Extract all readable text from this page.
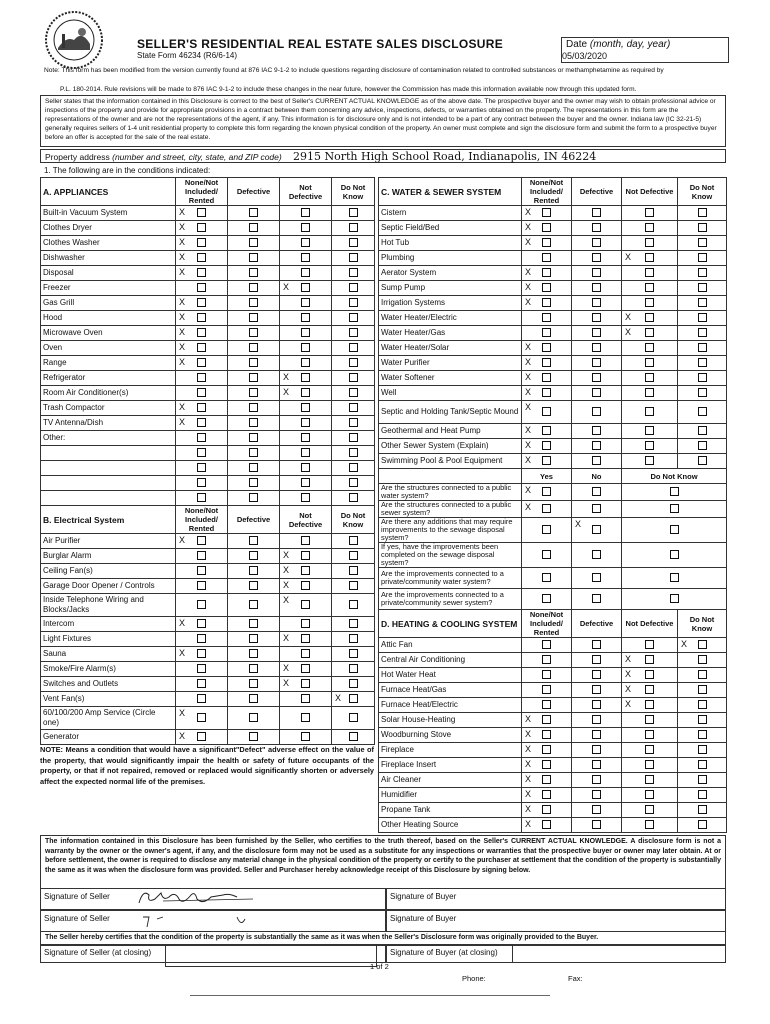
SELLER'S RESIDENTIAL REAL ESTATE SALES DISCLOSURE
State Form 46234 (R6/6-14)
Date (month, day, year)
05/03/2020
Note: This form has been modified from the version currently found at 876 IAC 9-1-2 to include questions regarding disclosure of contamination related to controlled substances or methamphetamine as required by
P.L. 180-2014. Rule revisions will be made to 876 IAC 9-1-2 to include these changes in the near future, however the Commission has made this information available now through this updated form.
Seller states that the information contained in this Disclosure is correct to the best of Seller's CURRENT ACTUAL KNOWLEDGE as of the above date. The prospective buyer and the owner may wish to obtain professional advice or inspections of the property and provide for appropriate provisions in a contract between them concerning any advice, inspections, defects, or warranties obtained on the property. The representations in this form are the representations of the owner and are not the representations of the agent, if any. This information is for disclosure only and is not intended to be a part of any contract between the buyer and the owner. Indiana law (IC 32-21-5) generally requires sellers of 1-4 unit residential property to complete this form regarding the known physical condition of the property. An owner must complete and sign the disclosure form and submit the form to a prospective buyer before an offer is accepted for the sale of the real estate.
Property address (number and street, city, state, and ZIP code) 2915 North High School Road, Indianapolis, IN 46224
1. The following are in the conditions indicated:
A. APPLIANCES	None/Not Included/ Rented	Defective	Not Defective	Do Not Know
Built-in Vacuum System	X			

Clothes Dryer	X			

Clothes Washer	X			

Dishwasher	X			

Disposal	X			

Freezer			X	

Gas Grill	X			

Hood	X			

Microwave Oven	X			

Oven	X			

Range	X			

Refrigerator			X	

Room Air Conditioner(s)			X	

Trash Compactor	X			

TV Antenna/Dish	X			

Other:				

B. Electrical System	None/Not Included/ Rented	Defective	Not Defective	Do Not Know
Air Purifier	X			

Burglar Alarm			X	

Ceiling Fan(s)			X	

Garage Door Opener / Controls			X	

Inside Telephone Wiring and Blocks/Jacks			X	

Intercom	X			

Light Fixtures			X	

Sauna	X			

Smoke/Fire Alarm(s)			X	

Switches and Outlets			X	

Vent Fan(s)				X

60/100/200 Amp Service (Circle one)	X			

Generator	X			

C. WATER & SEWER SYSTEM	None/Not Included/ Rented	Defective	Not Defective	Do Not Know
Cistern	X			

Septic Field/Bed	X			

Hot Tub	X			

Plumbing			X	

Aerator System	X			

Sump Pump	X			

Irrigation Systems	X			

Water Heater/Electric			X	

Water Heater/Gas			X	

Water Heater/Solar	X			

Water Purifier	X			

Water Softener	X			

Well	X			

Septic and Holding Tank/Septic Mound	X			

Geothermal and Heat Pump	X			

Other Sewer System (Explain)	X			

Swimming Pool & Pool Equipment	X			

	Yes	No	Do Not Know	
Are the structures connected to a public water system?	X			

Are the structures connected to a public sewer system?	X			

Are there any additions that may require improvements to the sewage disposal system?		X		

If yes, have the improvements been completed on the sewage disposal system?				
Are the improvements connected to a private/community water system?				
Are the improvements connected to a private/community sewer system?				
D. HEATING & COOLING SYSTEM	None/Not Included/ Rented	Defective	Not Defective	Do Not Know
Attic Fan				X

Central Air Conditioning			X	

Hot Water Heat			X	

Furnace Heat/Gas			X	

Furnace Heat/Electric			X	

Solar House-Heating	X			

Woodburning Stove	X			

Fireplace	X			

Fireplace Insert	X			

Air Cleaner	X			

Humidifier	X			

Propane Tank	X			

Other Heating Source	X			

NOTE: Means a condition that would have a significant"Defect" adverse effect on the value of the property, that would significantly impair the health or safety of future occupants of the property, or that if not repaired, removed or replaced would significantly shorten or adversely affect the expected normal life of the premises.
The information contained in this Disclosure has been furnished by the Seller, who certifies to the truth thereof, based on the Seller's CURRENT ACTUAL KNOWLEDGE. A disclosure form is not a warranty by the owner or the owner's agent, if any, and the disclosure form may not be used as a substitute for any inspections or warranties that the prospective buyer or owner may later obtain. At or before settlement, the owner is required to disclose any material change in the physical condition of the property or certify to the purchaser at settlement that the condition of the property is substantially the same as it was when the disclosure form was provided. Seller and Purchaser hereby acknowledge receipt of this Disclosure by signing below.
Signature of Seller	Signature of Buyer
Signature of Seller	Signature of Buyer
The Seller hereby certifies that the condition of the property is substantially the same as it was when the Seller's Disclosure form was originally provided to the Buyer.
Signature of Seller (at closing)	Signature of Buyer (at closing)
1 of 2
Phone:	Fax:
